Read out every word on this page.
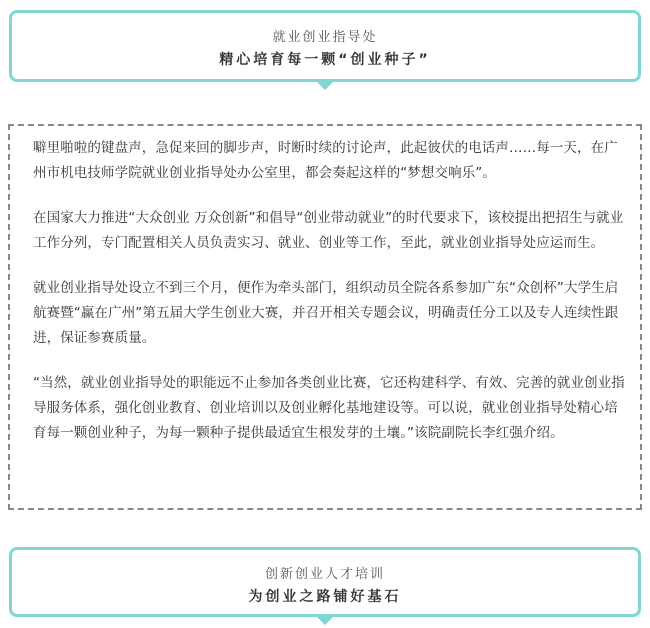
就业创业指导处
精心培育每一颗“创业种子”

噼里啪啦的键盘声，急促来回的脚步声，时断时续的讨论声，此起彼伏的电话声……每一天，在广州市机电技师学院就业创业指导处办公室里，都会奏起这样的“梦想交响乐”。

在国家大力推进“大众创业 万众创新”和倡导“创业带动就业”的时代要求下，该校提出把招生与就业工作分列，专门配置相关人员负责实习、就业、创业等工作，至此，就业创业指导处应运而生。

就业创业指导处设立不到三个月，便作为牵头部门，组织动员全院各系参加广东“众创杯”大学生启航赛暨“赢在广州”第五届大学生创业大赛，并召开相关专题会议，明确责任分工以及专人连续性跟进，保证参赛质量。

“当然，就业创业指导处的职能远不止参加各类创业比赛，它还构建科学、有效、完善的就业创业指导服务体系，强化创业教育、创业培训以及创业孵化基地建设等。可以说，就业创业指导处精心培育每一颗创业种子，为每一颗种子提供最适宜生根发芽的土壤。”该院副院长李红强介绍。

创新创业人才培训
为创业之路铺好基石
